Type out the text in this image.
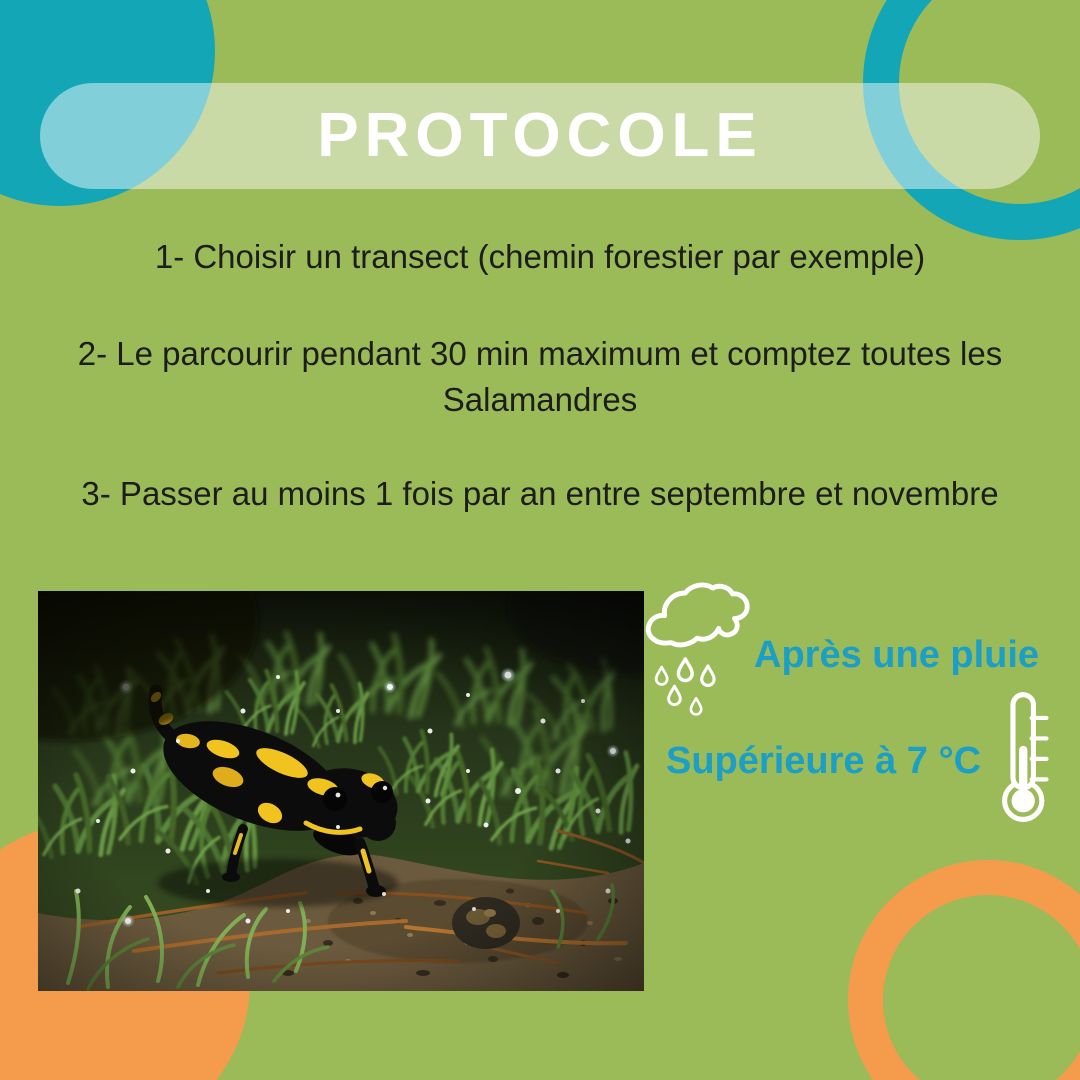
PROTOCOLE

1- Choisir un transect (chemin forestier par exemple)

2- Le parcourir pendant 30 min maximum et comptez toutes les Salamandres

3- Passer au moins 1 fois par an entre septembre et novembre

Après une pluie

Supérieure à 7 °C
